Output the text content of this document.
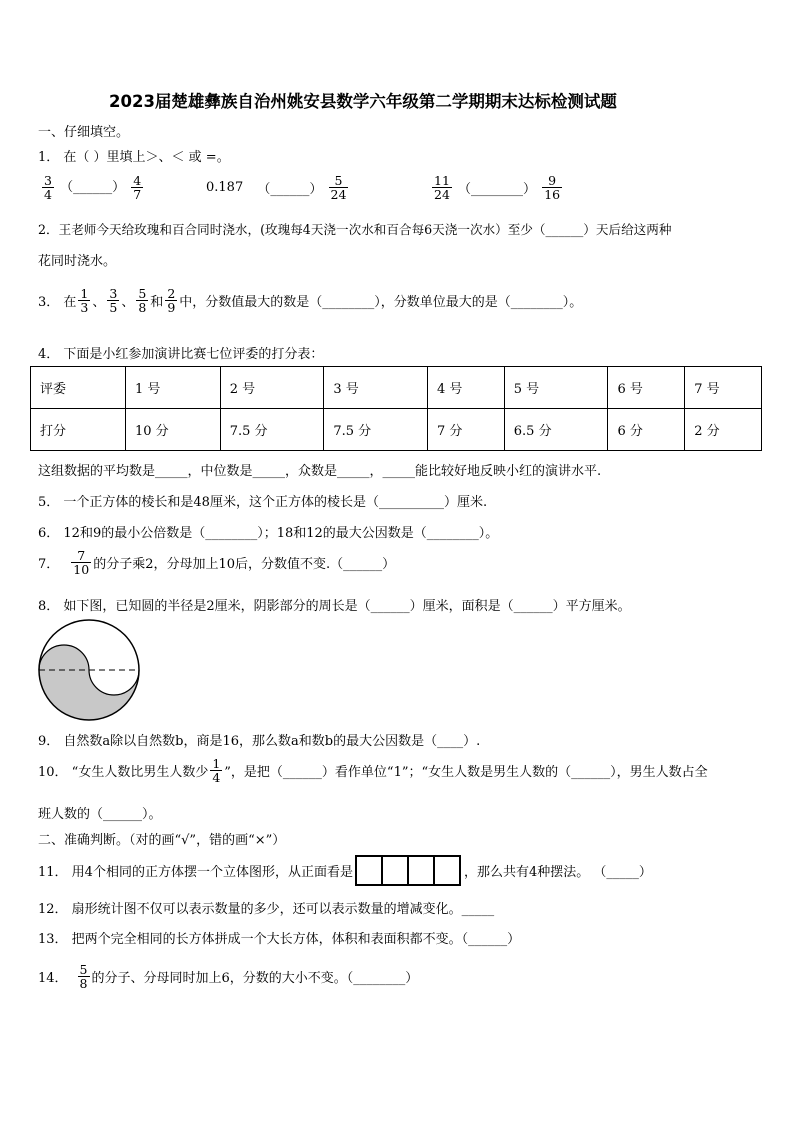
2023届楚雄彝族自治州姚安县数学六年级第二学期期末达标检测试题
一、仔细填空。
1． 在（ ）里填上＞、＜ 或 =。
$\frac{3}{4}$ （______） $\frac{4}{7}$	0.187 （______） $\frac{5}{24}$	$\frac{11}{24}$ （________） $\frac{9}{16}$
2．王老师今天给玫瑰和百合同时浇水，(玫瑰每4天浇一次水和百合每6天浇一次水）至少（______）天后给这两种
花同时浇水。
3． 在 $\frac{1}{3}$ 、 $\frac{3}{5}$ 、 $\frac{5}{8}$ 和 $\frac{2}{9}$ 中，分数值最大的数是（________），分数单位最大的是（________）。
4． 下面是小红参加演讲比赛七位评委的打分表：
评委	1 号	2 号	3 号	4 号	5 号	6 号	7 号
打分	10 分	7.5 分	7.5 分	7 分	6.5 分	6 分	2 分
这组数据的平均数是_____，中位数是_____，众数是_____，_____能比较好地反映小红的演讲水平.
5． 一个正方体的棱长和是48厘米，这个正方体的棱长是（__________）厘米.
6． 12和9的最小公倍数是（________）；18和12的最大公因数是（________）。
7． $\frac{7}{10}$ 的分子乘2，分母加上10后，分数值不变.（______）
8． 如下图，已知圆的半径是2厘米，阴影部分的周长是（______）厘米，面积是（______）平方厘米。
9． 自然数a除以自然数b，商是16，那么数a和数b的最大公因数是（____）.
10． “女生人数比男生人数少 $\frac{1}{4}$ ”，是把（______）看作单位“1”；“女生人数是男生人数的（______），男生人数占全
班人数的（______）。
二、准确判断。（对的画“√”，错的画“×”）
11． 用4个相同的正方体摆一个立体图形，从正面看是	，那么共有4种摆法。 （_____）
12． 扇形统计图不仅可以表示数量的多少，还可以表示数量的增减变化。_____
13． 把两个完全相同的长方体拼成一个大长方体，体积和表面积都不变。（______）
14． $\frac{5}{8}$ 的分子、分母同时加上6，分数的大小不变。（________）
